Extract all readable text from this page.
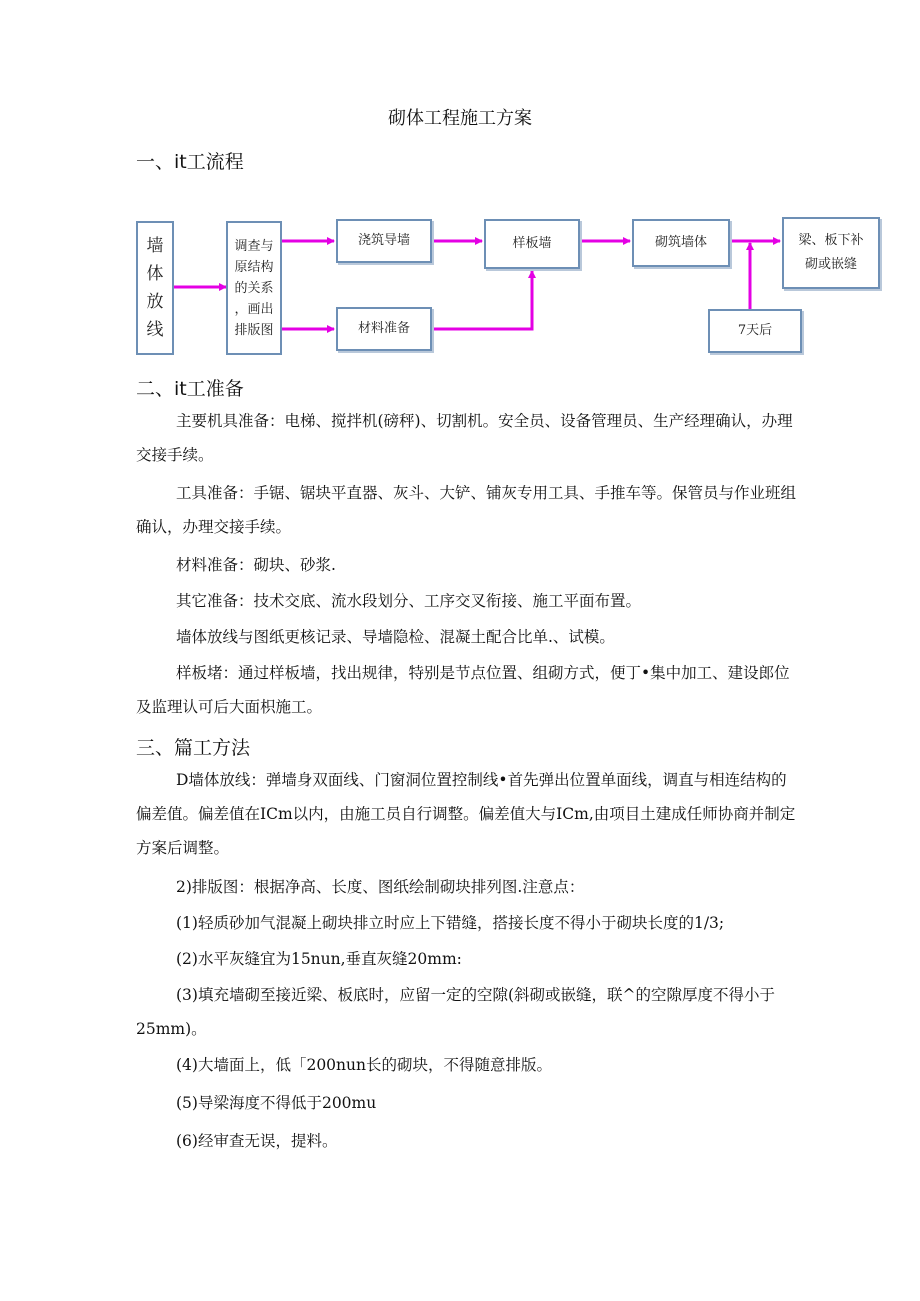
砌体工程施工方案
一、it工流程
墙
体
放
线
调查与
原结构
的关系
，画出
排版图
浇筑导墙
材料准备
样板墙	砌筑墙体	梁、板下补
砌或嵌缝
7天后
二、it工准备

主要机具准备：电梯、搅拌机(磅秤)、切割机。安全员、设备管理员、生产经理确认，办理交接手续。

工具准备：手锯、锯块平直器、灰斗、大铲、铺灰专用工具、手推车等。保管员与作业班组确认，办理交接手续。

材料准备：砌块、砂浆.

其它准备：技术交底、流水段划分、工序交叉衔接、施工平面布置。

墙体放线与图纸更核记录、导墙隐检、混凝土配合比单.、试模。

样板堵：通过样板墙，找出规律，特别是节点位置、组砌方式，便丁•集中加工、建设郎位及监理认可后大面枳施工。

三、篇工方法

D墙体放线：弹墙身双面线、门窗洞位置控制线•首先弹出位置单面线，调直与相连结构的偏差值。偏差值在ICm以内，由施工员自行调整。偏差值大与ICm,由项目土建成任师协商并制定方案后调整。

2)排版图：根据净高、长度、图纸绘制砌块排列图.注意点：

(1)轻质砂加气混凝上砌块排立时应上下错缝，搭接长度不得小于砌块长度的1/3;

(2)水平灰缝宜为15nun,垂直灰缝20mm:

(3)填充墙砌至接近梁、板底时，应留一定的空隙(斜砌或嵌缝，联^的空隙厚度不得小于25mm)。

(4)大墙面上，低「200nun长的砌块，不得随意排版。

(5)导梁海度不得低于200mu

(6)经审查无误，提料。
